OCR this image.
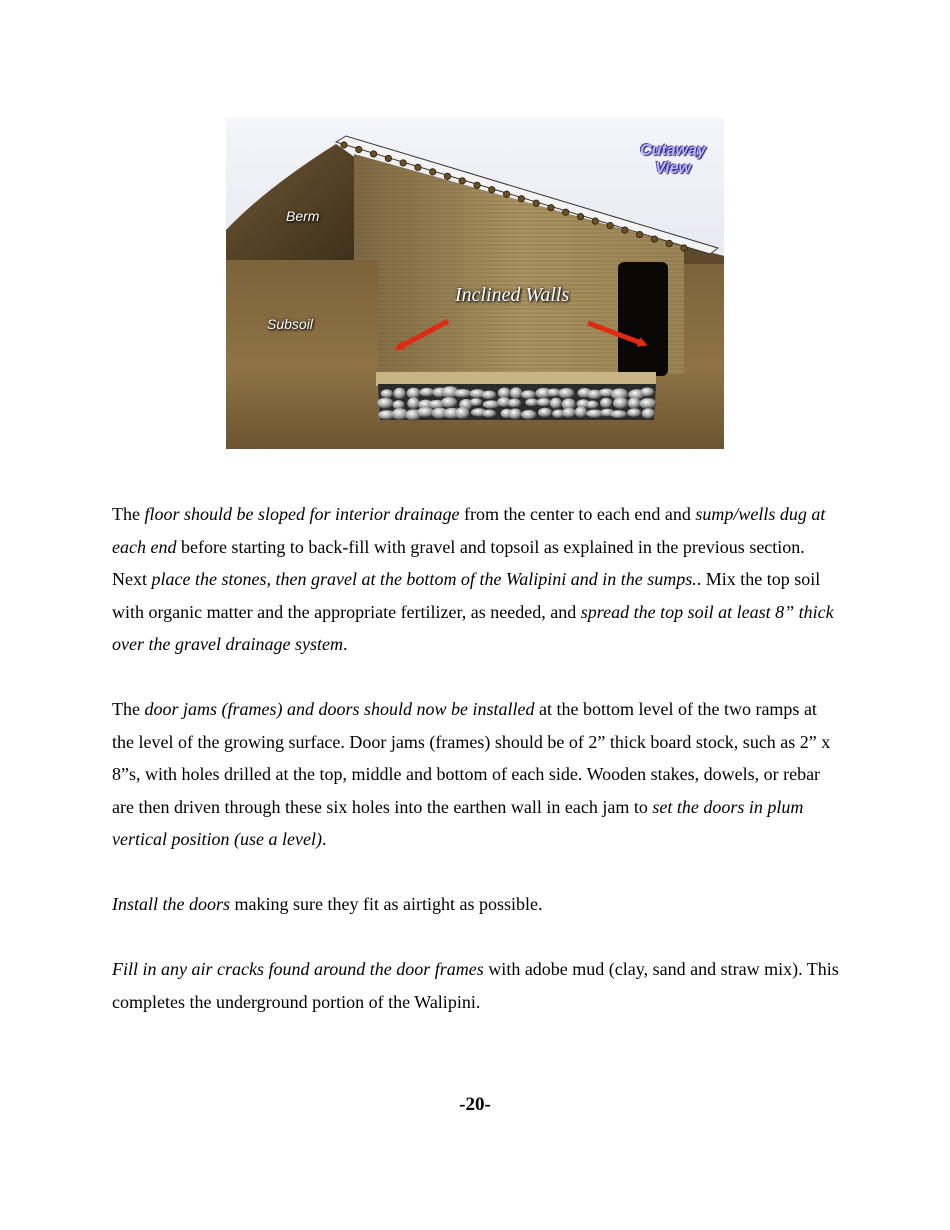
Berm
Subsoil
Inclined Walls
Cutaway
View

The floor should be sloped for interior drainage from the center to each end and sump/wells dug at each end before starting to back-fill with gravel and topsoil as explained in the previous section. Next place the stones, then gravel at the bottom of the Walipini and in the sumps.. Mix the top soil with organic matter and the appropriate fertilizer, as needed, and spread the top soil at least 8” thick over the gravel drainage system.

The door jams (frames) and doors should now be installed at the bottom level of the two ramps at the level of the growing surface. Door jams (frames) should be of 2” thick board stock, such as 2” x 8”s, with holes drilled at the top, middle and bottom of each side. Wooden stakes, dowels, or rebar are then driven through these six holes into the earthen wall in each jam to set the doors in plum vertical position (use a level).

Install the doors making sure they fit as airtight as possible.

Fill in any air cracks found around the door frames with adobe mud (clay, sand and straw mix). This completes the underground portion of the Walipini.

-20-
